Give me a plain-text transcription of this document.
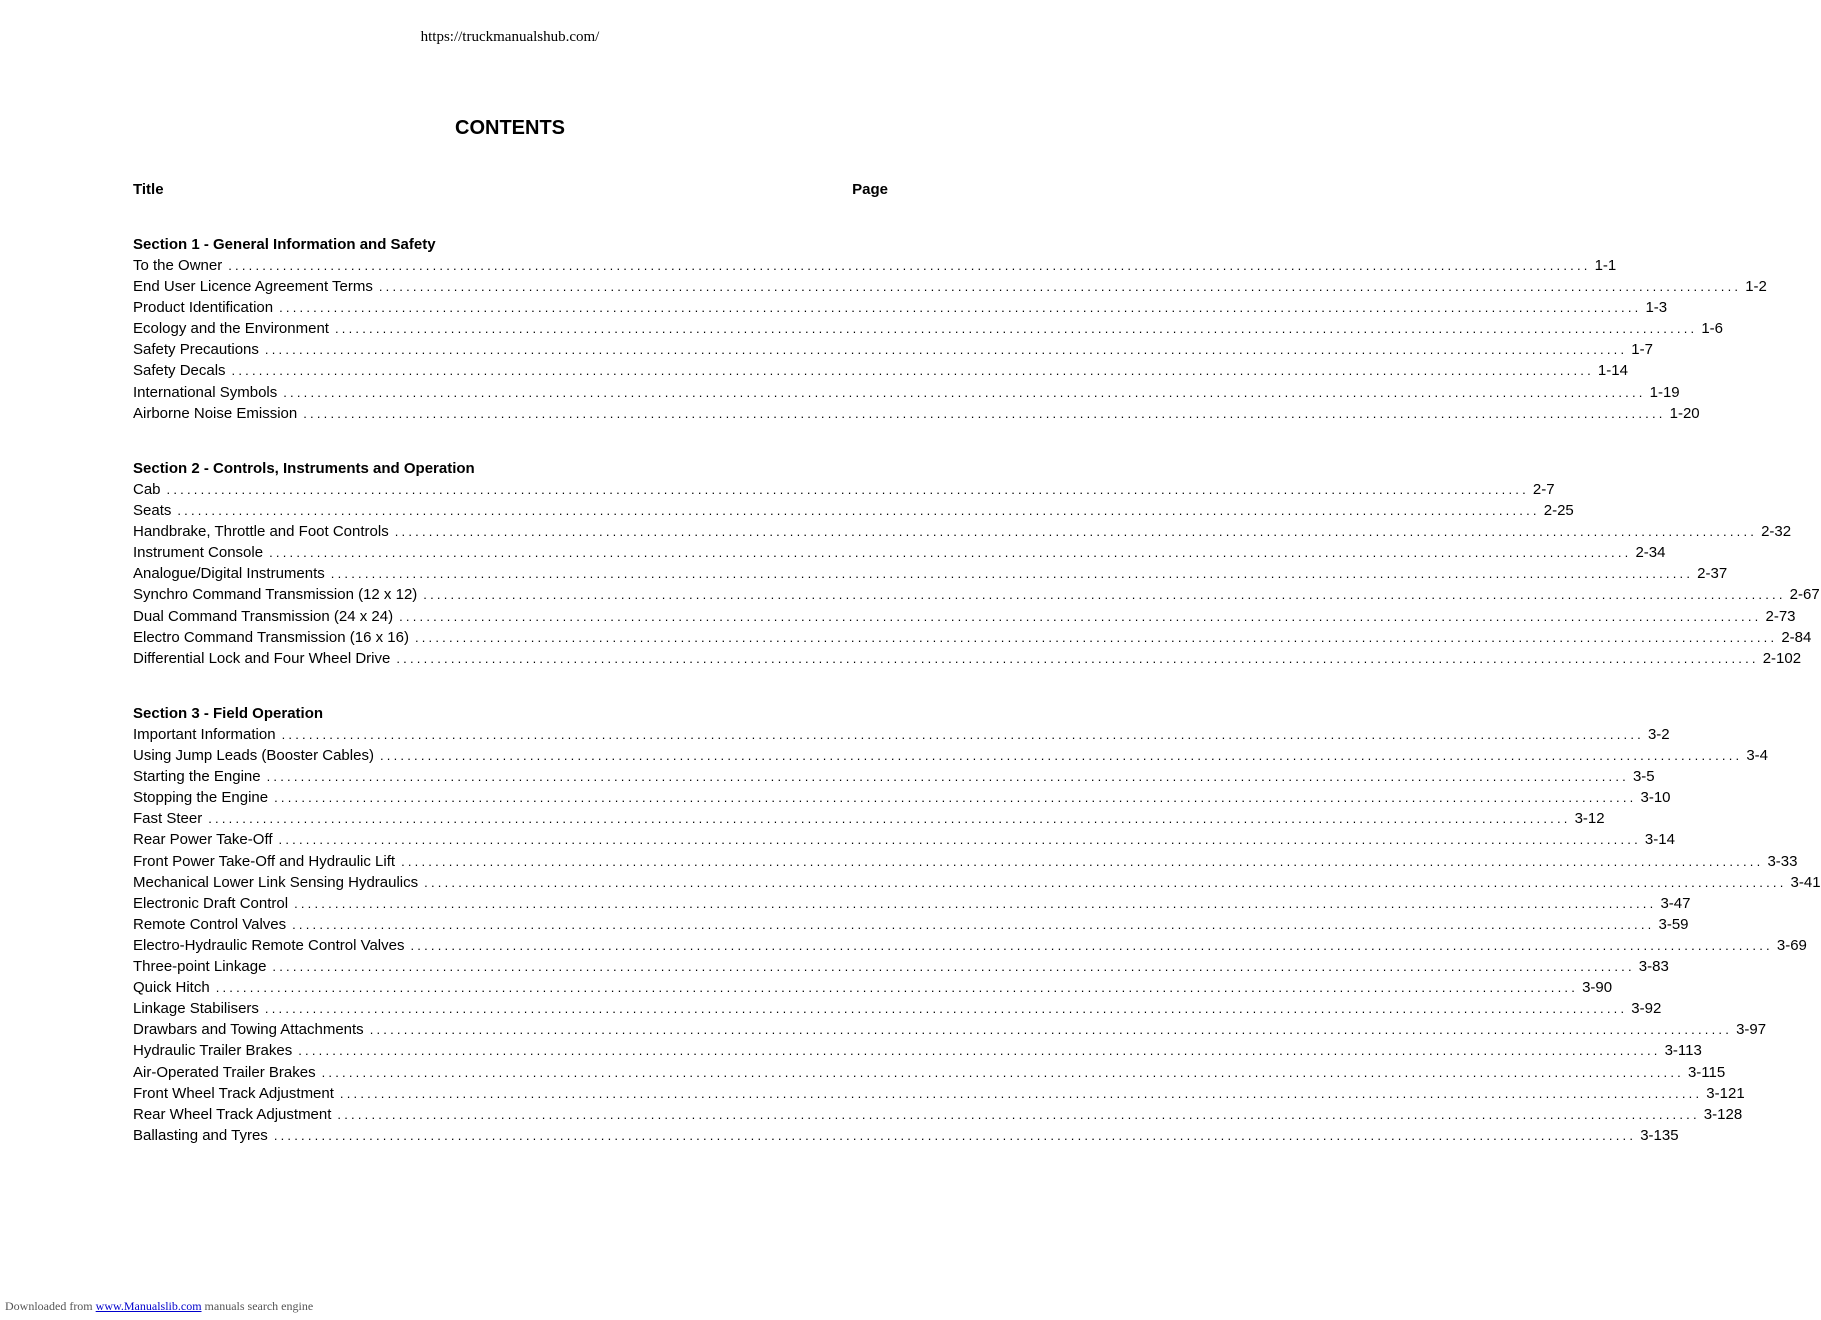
https://truckmanualshub.com/
CONTENTS
Title	Page
Section 1 - General Information and Safety
To the Owner ........................................................................................................................................................................................................ 1-1
End User Licence Agreement Terms ........................................................................................................................................................................................................ 1-2
Product Identification ........................................................................................................................................................................................................ 1-3
Ecology and the Environment ........................................................................................................................................................................................................ 1-6
Safety Precautions ........................................................................................................................................................................................................ 1-7
Safety Decals ........................................................................................................................................................................................................ 1-14
International Symbols ........................................................................................................................................................................................................ 1-19
Airborne Noise Emission ........................................................................................................................................................................................................ 1-20
Section 2 - Controls, Instruments and Operation
Cab ........................................................................................................................................................................................................ 2-7
Seats ........................................................................................................................................................................................................ 2-25
Handbrake, Throttle and Foot Controls ........................................................................................................................................................................................................ 2-32
Instrument Console ........................................................................................................................................................................................................ 2-34
Analogue/Digital Instruments ........................................................................................................................................................................................................ 2-37
Synchro Command Transmission (12 x 12) ........................................................................................................................................................................................................ 2-67
Dual Command Transmission (24 x 24) ........................................................................................................................................................................................................ 2-73
Electro Command Transmission (16 x 16) ........................................................................................................................................................................................................ 2-84
Differential Lock and Four Wheel Drive ........................................................................................................................................................................................................ 2-102
Section 3 - Field Operation
Important Information ........................................................................................................................................................................................................ 3-2
Using Jump Leads (Booster Cables) ........................................................................................................................................................................................................ 3-4
Starting the Engine ........................................................................................................................................................................................................ 3-5
Stopping the Engine ........................................................................................................................................................................................................ 3-10
Fast Steer ........................................................................................................................................................................................................ 3-12
Rear Power Take-Off ........................................................................................................................................................................................................ 3-14
Front Power Take-Off and Hydraulic Lift ........................................................................................................................................................................................................ 3-33
Mechanical Lower Link Sensing Hydraulics ........................................................................................................................................................................................................ 3-41
Electronic Draft Control ........................................................................................................................................................................................................ 3-47
Remote Control Valves ........................................................................................................................................................................................................ 3-59
Electro-Hydraulic Remote Control Valves ........................................................................................................................................................................................................ 3-69
Three-point Linkage ........................................................................................................................................................................................................ 3-83
Quick Hitch ........................................................................................................................................................................................................ 3-90
Linkage Stabilisers ........................................................................................................................................................................................................ 3-92
Drawbars and Towing Attachments ........................................................................................................................................................................................................ 3-97
Hydraulic Trailer Brakes ........................................................................................................................................................................................................ 3-113
Air-Operated Trailer Brakes ........................................................................................................................................................................................................ 3-115
Front Wheel Track Adjustment ........................................................................................................................................................................................................ 3-121
Rear Wheel Track Adjustment ........................................................................................................................................................................................................ 3-128
Ballasting and Tyres ........................................................................................................................................................................................................ 3-135
Downloaded from www.Manualslib.com manuals search engine
